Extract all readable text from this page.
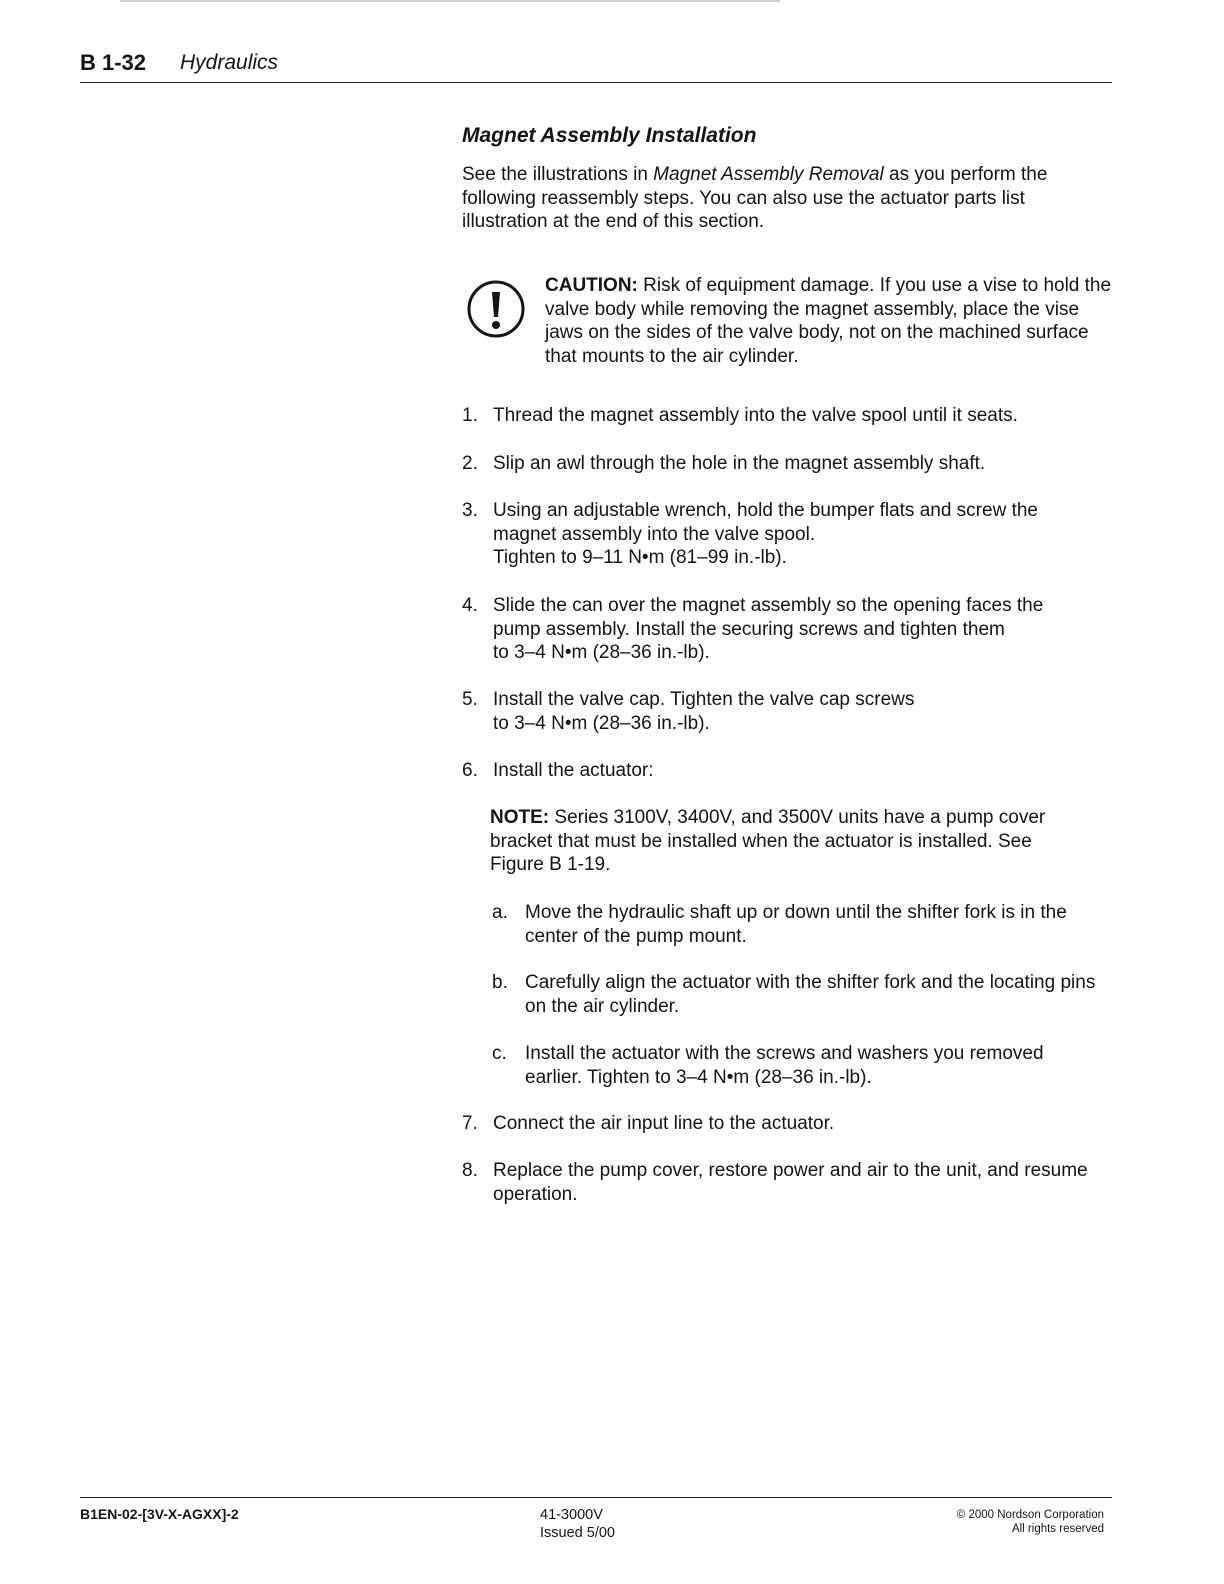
B 1-32 Hydraulics
Magnet Assembly Installation
See the illustrations in Magnet Assembly Removal as you perform the following reassembly steps. You can also use the actuator parts list illustration at the end of this section.
CAUTION: Risk of equipment damage. If you use a vise to hold the valve body while removing the magnet assembly, place the vise jaws on the sides of the valve body, not on the machined surface that mounts to the air cylinder.
1. Thread the magnet assembly into the valve spool until it seats.
2. Slip an awl through the hole in the magnet assembly shaft.
3. Using an adjustable wrench, hold the bumper flats and screw the magnet assembly into the valve spool.
Tighten to 9–11 N•m (81–99 in.-lb).
4. Slide the can over the magnet assembly so the opening faces the pump assembly. Install the securing screws and tighten them
to 3–4 N•m (28–36 in.-lb).
5. Install the valve cap. Tighten the valve cap screws
to 3–4 N•m (28–36 in.-lb).
6. Install the actuator:
NOTE: Series 3100V, 3400V, and 3500V units have a pump cover bracket that must be installed when the actuator is installed. See Figure B 1-19.
a. Move the hydraulic shaft up or down until the shifter fork is in the center of the pump mount.
b. Carefully align the actuator with the shifter fork and the locating pins on the air cylinder.
c. Install the actuator with the screws and washers you removed earlier. Tighten to 3–4 N•m (28–36 in.-lb).
7. Connect the air input line to the actuator.
8. Replace the pump cover, restore power and air to the unit, and resume operation.
B1EN-02-[3V-X-AGXX]-2	41-3000V
Issued 5/00
© 2000 Nordson Corporation
All rights reserved
